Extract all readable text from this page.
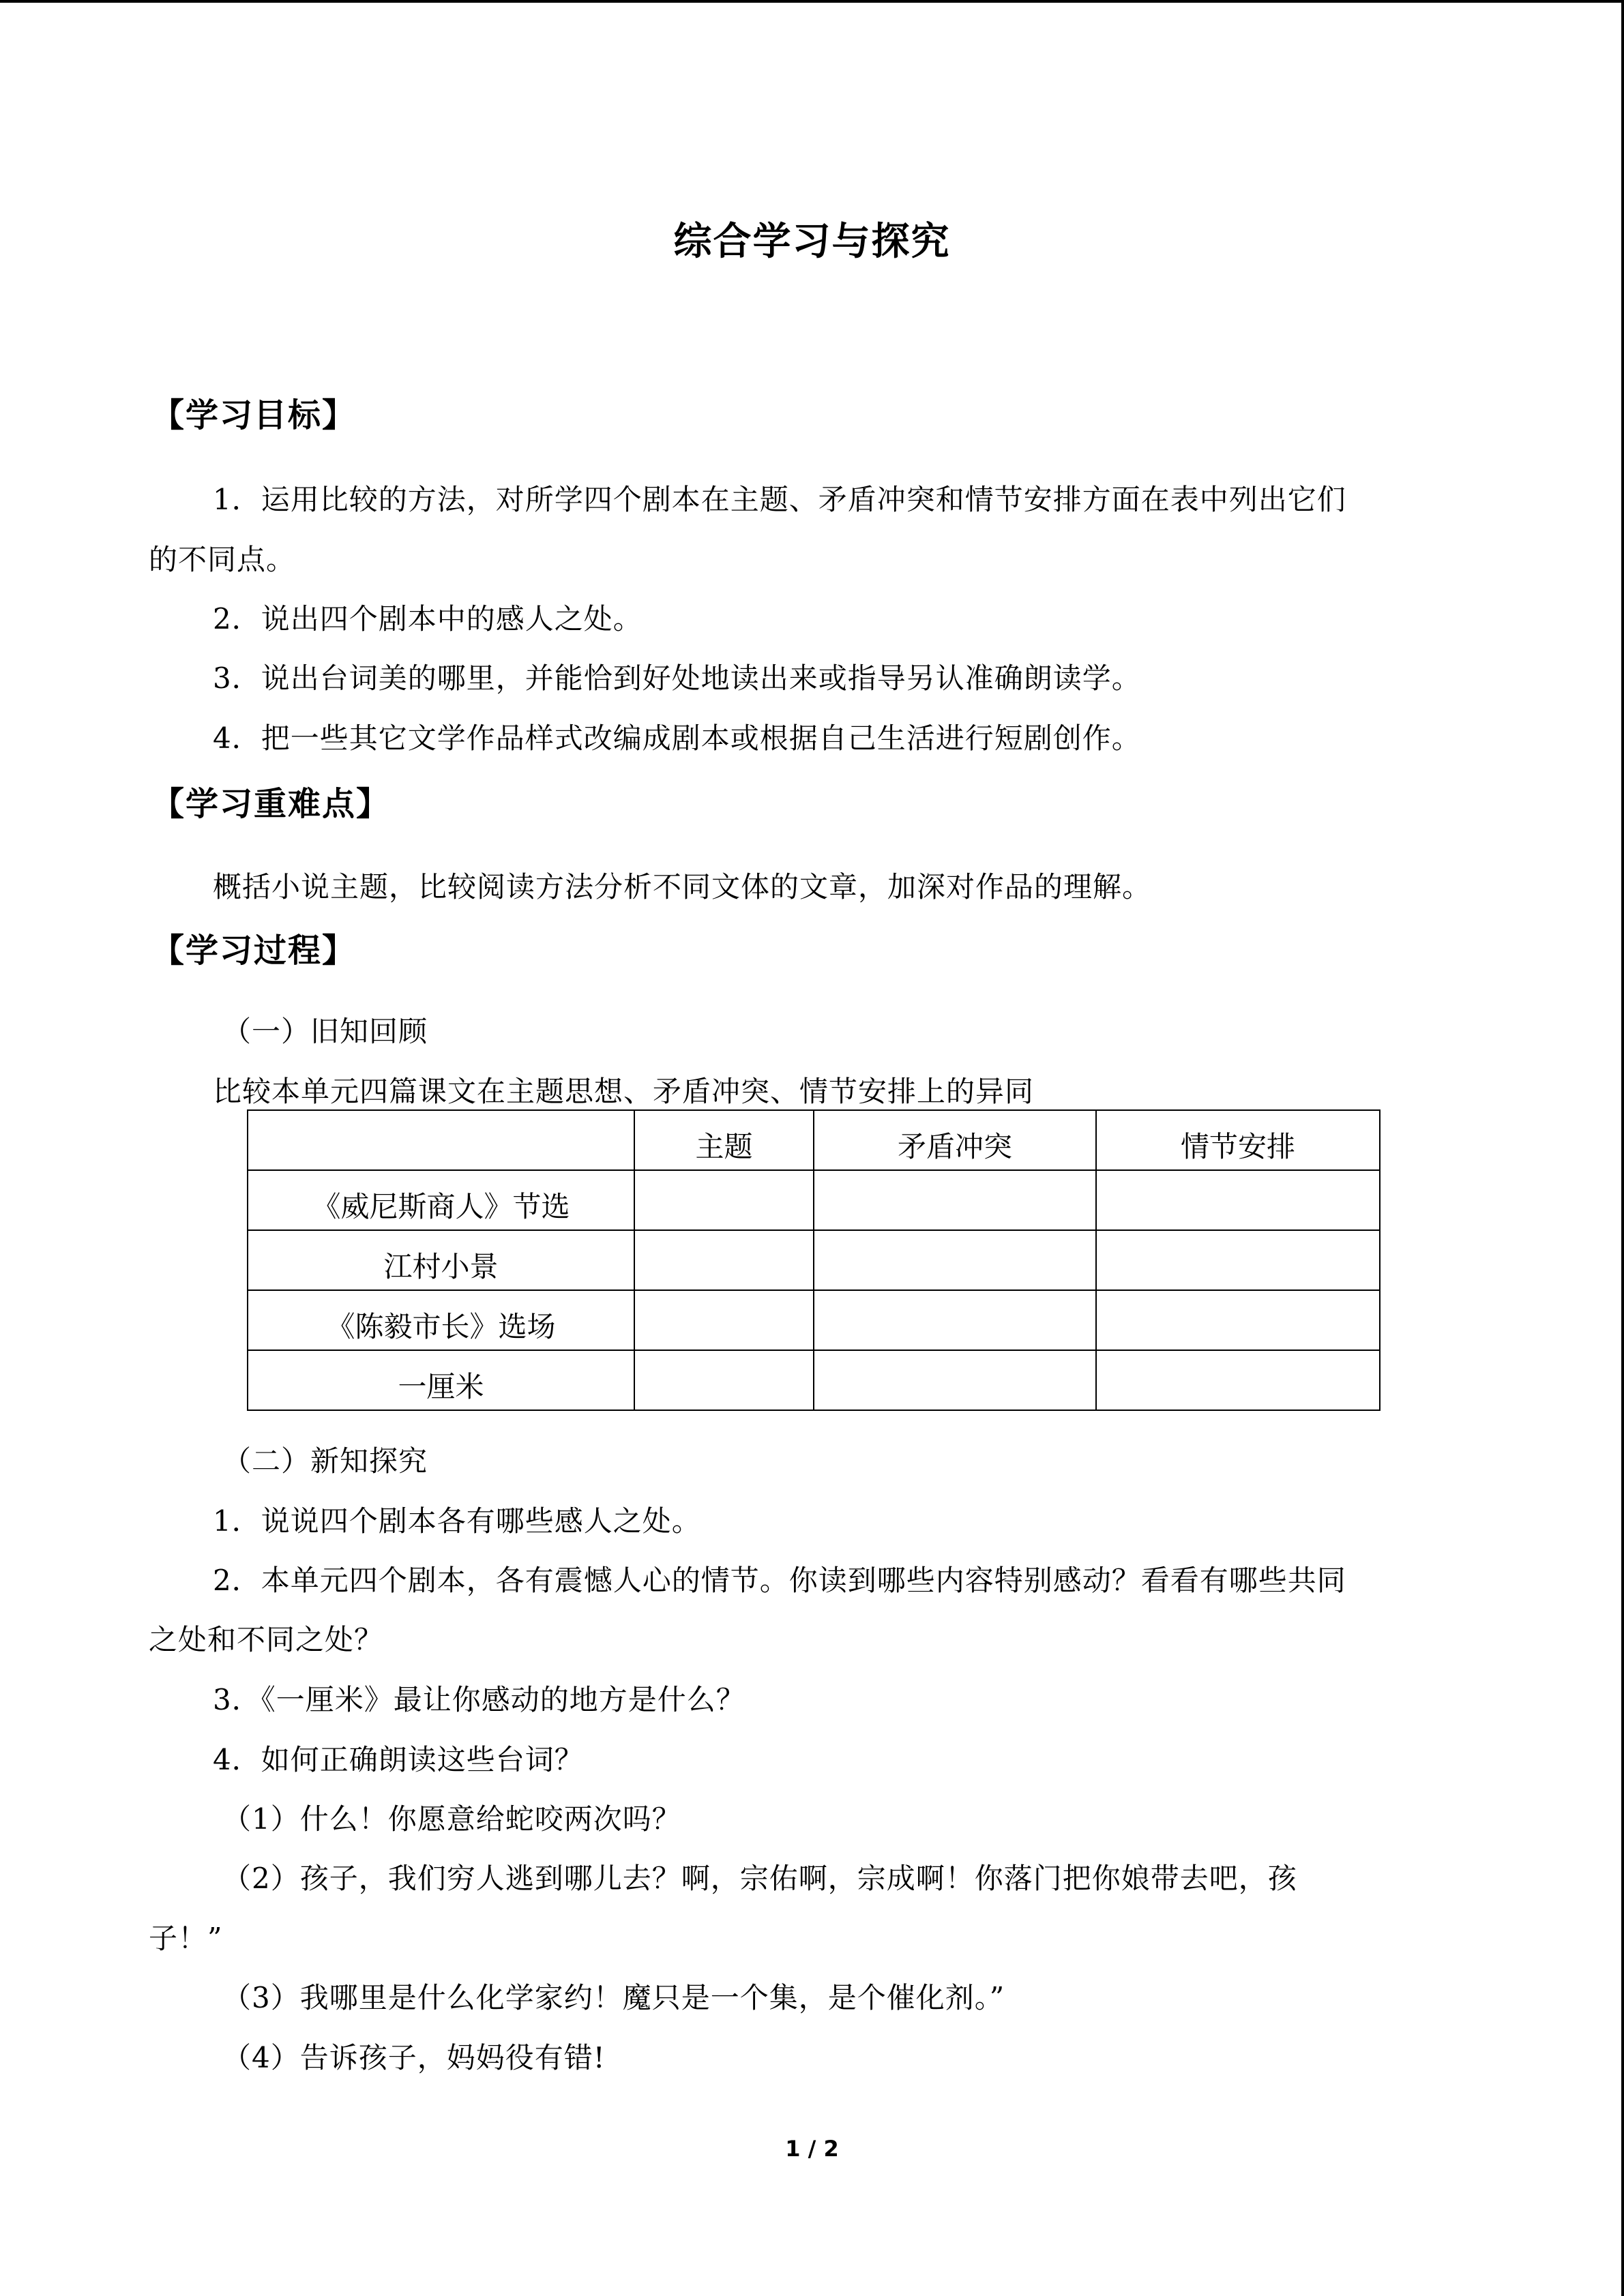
综合学习与探究
【学习目标】
1．运用比较的方法，对所学四个剧本在主题、矛盾冲突和情节安排方面在表中列出它们
的不同点。
2．说出四个剧本中的感人之处。
3．说出台词美的哪里，并能恰到好处地读出来或指导另认准确朗读学。
4．把一些其它文学作品样式改编成剧本或根据自己生活进行短剧创作。
【学习重难点】
概括小说主题，比较阅读方法分析不同文体的文章，加深对作品的理解。
【学习过程】
（一）旧知回顾
比较本单元四篇课文在主题思想、矛盾冲突、情节安排上的异同
	主题	矛盾冲突	情节安排
《威尼斯商人》节选			
江村小景			
《陈毅市长》选场			
一厘米			
（二）新知探究
1．说说四个剧本各有哪些感人之处。
2．本单元四个剧本，各有震憾人心的情节。你读到哪些内容特别感动？看看有哪些共同
之处和不同之处？
3．《一厘米》最让你感动的地方是什么？
4．如何正确朗读这些台词？
（1）什么！你愿意给蛇咬两次吗？
（2）孩子，我们穷人逃到哪儿去？啊，宗佑啊，宗成啊！你落门把你娘带去吧，孩
子！”
（3）我哪里是什么化学家约！魔只是一个集，是个催化剂。”
（4）告诉孩子，妈妈役有错!
1 / 2
